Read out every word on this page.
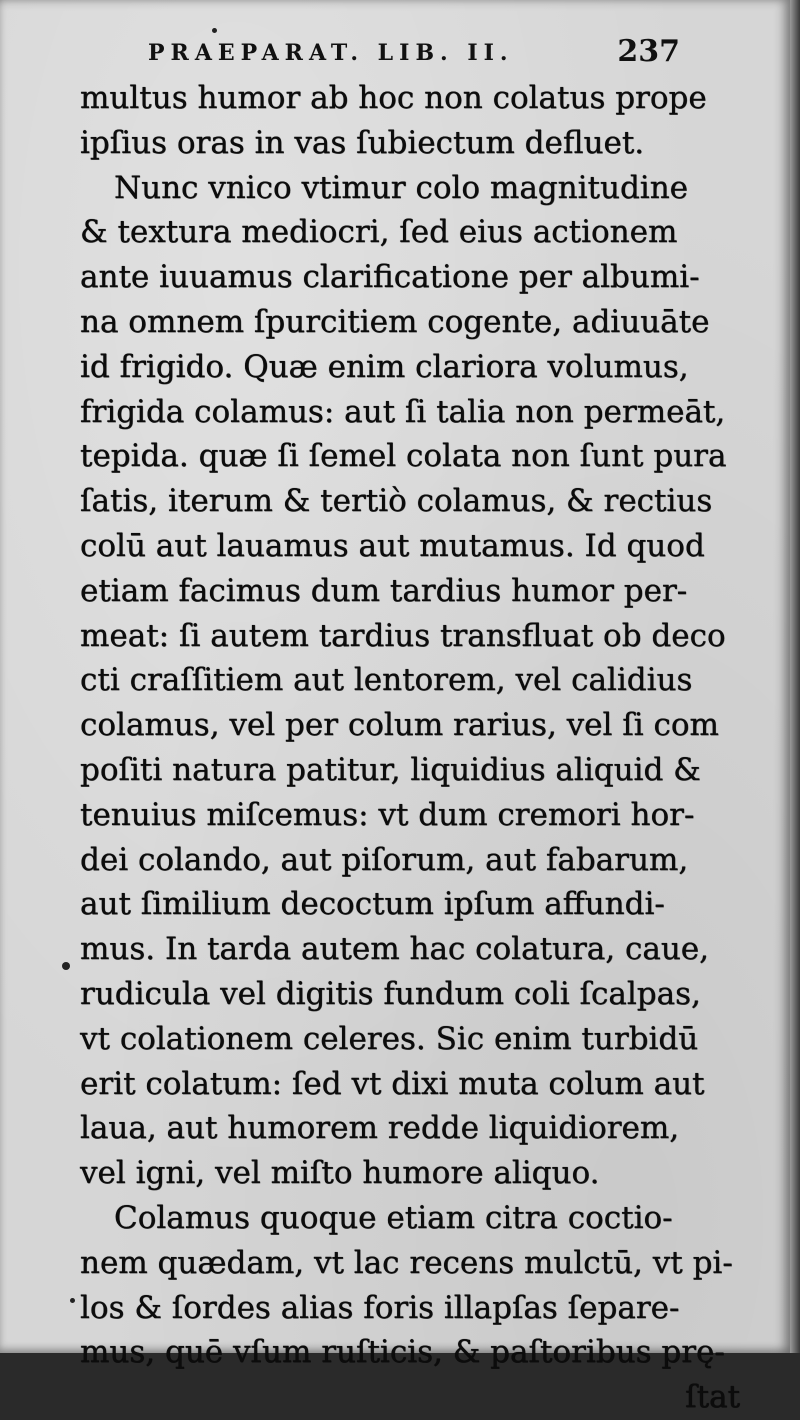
PRAEPARAT. LIB. II.	237
multus humor ab hoc non colatus prope
ipſius oras in vas ſubiectum defluet.
Nunc vnico vtimur colo magnitudine
& textura mediocri, ſed eius actionem
ante iuuamus clarificatione per albumi-
na omnem ſpurcitiem cogente, adiuuāte
id frigido. Quæ enim clariora volumus,
frigida colamus: aut ſi talia non permeāt,
tepida. quæ ſi ſemel colata non ſunt pura
ſatis, iterum & tertiò colamus, & rectius
colū aut lauamus aut mutamus. Id quod
etiam facimus dum tardius humor per-
meat: ſi autem tardius transfluat ob deco
cti craſſitiem aut lentorem, vel calidius
colamus, vel per colum rarius, vel ſi com
poſiti natura patitur, liquidius aliquid &
tenuius miſcemus: vt dum cremori hor-
dei colando, aut piſorum, aut fabarum,
aut ſimilium decoctum ipſum affundi-
mus. In tarda autem hac colatura, caue,
rudicula vel digitis fundum coli ſcalpas,
vt colationem celeres. Sic enim turbidū
erit colatum: ſed vt dixi muta colum aut
laua, aut humorem redde liquidiorem,
vel igni, vel miſto humore aliquo.
Colamus quoque etiam citra coctio-
nem quædam, vt lac recens mulctū, vt pi-
los & ſordes alias foris illapſas ſepare-
mus, quē vſum ruſticis, & paſtoribus prę-
ſtat
